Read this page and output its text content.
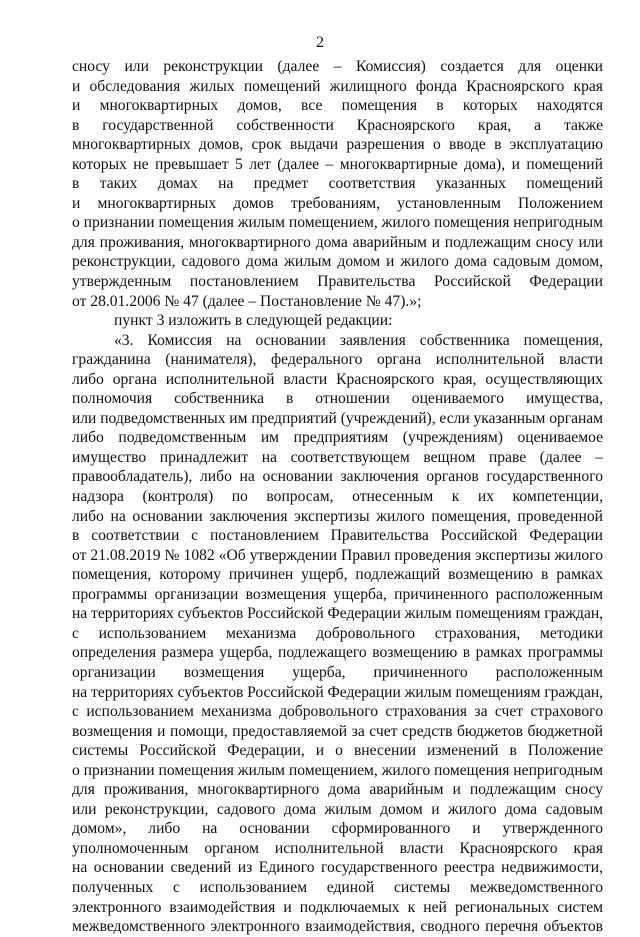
2
сносу или реконструкции (далее – Комиссия) создается для оценки
и обследования жилых помещений жилищного фонда Красноярского края
и многоквартирных домов, все помещения в которых находятся
в государственной собственности Красноярского края, а также
многоквартирных домов, срок выдачи разрешения о вводе в эксплуатацию
которых не превышает 5 лет (далее – многоквартирные дома), и помещений
в таких домах на предмет соответствия указанных помещений
и многоквартирных домов требованиям, установленным Положением
о признании помещения жилым помещением, жилого помещения непригодным
для проживания, многоквартирного дома аварийным и подлежащим сносу или
реконструкции, садового дома жилым домом и жилого дома садовым домом,
утвержденным постановлением Правительства Российской Федерации
от 28.01.2006 № 47 (далее – Постановление № 47).»;
пункт 3 изложить в следующей редакции:
«3. Комиссия на основании заявления собственника помещения,
гражданина (нанимателя), федерального органа исполнительной власти
либо органа исполнительной власти Красноярского края, осуществляющих
полномочия собственника в отношении оцениваемого имущества,
или подведомственных им предприятий (учреждений), если указанным органам
либо подведомственным им предприятиям (учреждениям) оцениваемое
имущество принадлежит на соответствующем вещном праве (далее –
правообладатель), либо на основании заключения органов государственного
надзора (контроля) по вопросам, отнесенным к их компетенции,
либо на основании заключения экспертизы жилого помещения, проведенной
в соответствии с постановлением Правительства Российской Федерации
от 21.08.2019 № 1082 «Об утверждении Правил проведения экспертизы жилого
помещения, которому причинен ущерб, подлежащий возмещению в рамках
программы организации возмещения ущерба, причиненного расположенным
на территориях субъектов Российской Федерации жилым помещениям граждан,
с использованием механизма добровольного страхования, методики
определения размера ущерба, подлежащего возмещению в рамках программы
организации возмещения ущерба, причиненного расположенным
на территориях субъектов Российской Федерации жилым помещениям граждан,
с использованием механизма добровольного страхования за счет страхового
возмещения и помощи, предоставляемой за счет средств бюджетов бюджетной
системы Российской Федерации, и о внесении изменений в Положение
о признании помещения жилым помещением, жилого помещения непригодным
для проживания, многоквартирного дома аварийным и подлежащим сносу
или реконструкции, садового дома жилым домом и жилого дома садовым
домом», либо на основании сформированного и утвержденного
уполномоченным органом исполнительной власти Красноярского края
на основании сведений из Единого государственного реестра недвижимости,
полученных с использованием единой системы межведомственного
электронного взаимодействия и подключаемых к ней региональных систем
межведомственного электронного взаимодействия, сводного перечня объектов
